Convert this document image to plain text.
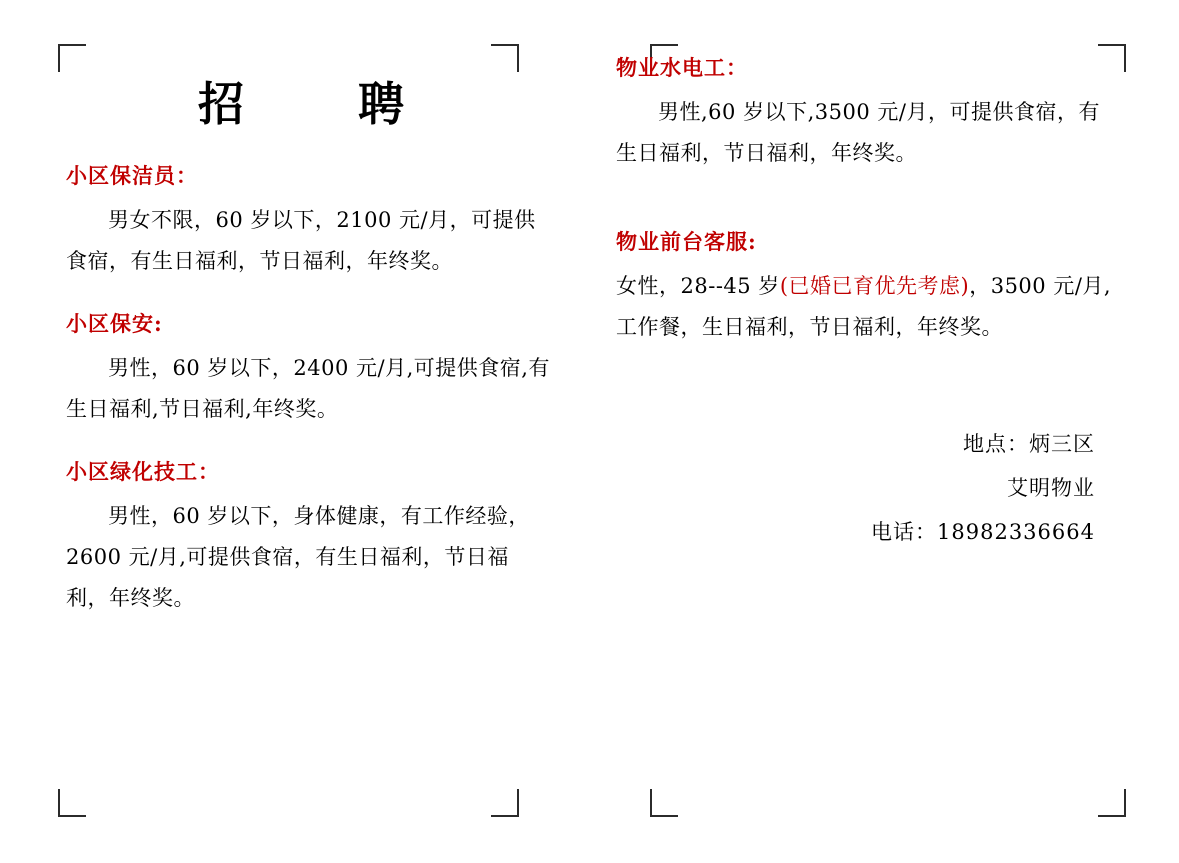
招　聘
小区保洁员：

男女不限，60 岁以下，2100 元/月，可提供食宿，有生日福利，节日福利，年终奖。

小区保安:

男性，60 岁以下，2400 元/月,可提供食宿,有生日福利,节日福利,年终奖。

小区绿化技工：

男性，60 岁以下，身体健康，有工作经验，2600 元/月,可提供食宿，有生日福利，节日福利，年终奖。

物业水电工：

男性,60 岁以下,3500 元/月，可提供食宿，有生日福利，节日福利，年终奖。

物业前台客服:

女性，28--45 岁(已婚已育优先考虑)，3500 元/月,工作餐，生日福利，节日福利，年终奖。

地点：炳三区
艾明物业
电话：18982336664
